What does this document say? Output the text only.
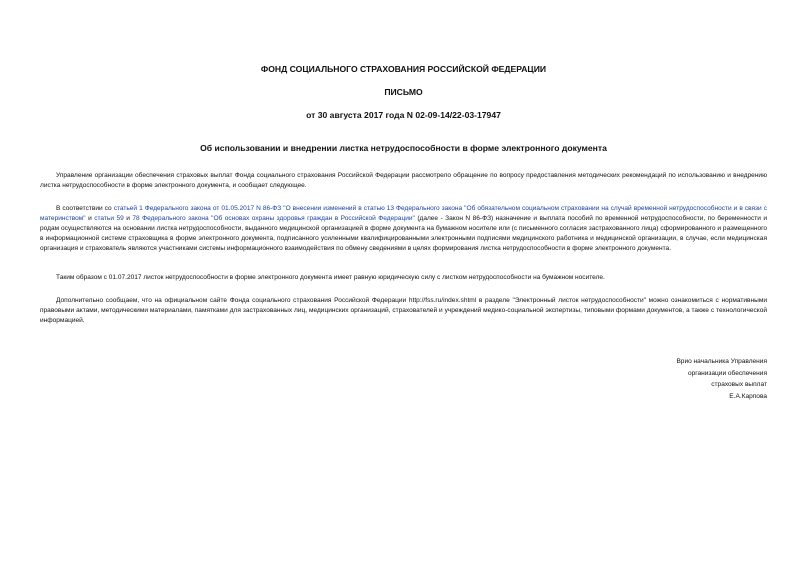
ФОНД СОЦИАЛЬНОГО СТРАХОВАНИЯ РОССИЙСКОЙ ФЕДЕРАЦИИ
ПИСЬМО
от 30 августа 2017 года N 02-09-14/22-03-17947
Об использовании и внедрении листка нетрудоспособности в форме электронного документа

Управление организации обеспечения страховых выплат Фонда социального страхования Российской Федерации рассмотрело обращение по вопросу предоставления методических рекомендаций по использованию и внедрению листка нетрудоспособности в форме электронного документа, и сообщает следующее.

В соответствии со статьей 1 Федерального закона от 01.05.2017 N 86-ФЗ "О внесении изменений в статью 13 Федерального закона "Об обязательном социальном страховании на случай временной нетрудоспособности и в связи с материнством" и статьи 59 и 78 Федерального закона "Об основах охраны здоровья граждан в Российской Федерации" (далее - Закон N 86-ФЗ) назначение и выплата пособий по временной нетрудоспособности, по беременности и родам осуществляются на основании листка нетрудоспособности, выданного медицинской организацией в форме документа на бумажном носителе или (с письменного согласия застрахованного лица) сформированного и размещенного в информационной системе страховщика в форме электронного документа, подписанного усиленными квалифицированными электронными подписями медицинского работника и медицинской организации, в случае, если медицинская организация и страхователь являются участниками системы информационного взаимодействия по обмену сведениями в целях формирования листка нетрудоспособности в форме электронного документа.

Таким образом с 01.07.2017 листок нетрудоспособности в форме электронного документа имеет равную юридическую силу с листком нетрудоспособности на бумажном носителе.

Дополнительно сообщаем, что на официальном сайте Фонда социального страхования Российской Федерации http://fss.ru/index.shtml в разделе "Электронный листок нетрудоспособности" можно ознакомиться с нормативными правовыми актами, методическими материалами, памятками для застрахованных лиц, медицинских организаций, страхователей и учреждений медико-социальной экспертизы, типовыми формами документов, а также с технологической информацией.

Врио начальника Управления
организации обеспечения
страховых выплат
Е.А.Карпова
